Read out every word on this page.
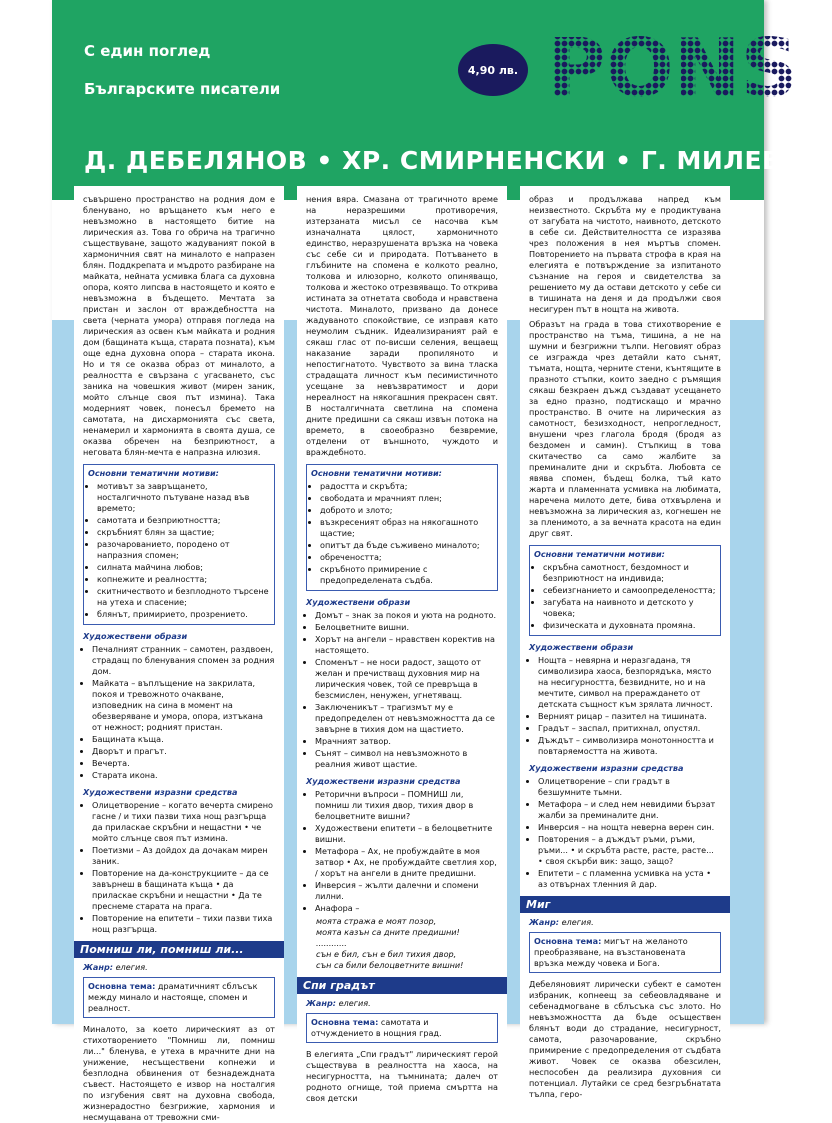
С един поглед
Българските писатели
4,90 лв. PONS
Д. ДЕБЕЛЯНОВ • ХР. СМИРНЕНСКИ • Г. МИЛЕВ

съвършено пространство на родния дом е бленувано, но връщането към него е невъзможно в настоящето битие на лирическия аз. Това го обрича на трагично съществуване, защото жадуваният покой в хармоничния свят на миналото е напразен блян. Поддкрепата и мъдрото разбиране на майката, нейната усмивка блага са духовна опора, която липсва в настоящето и която е невъзможна в бъдещето. Мечтата за пристан и заслон от враждебността на света (черната умора) отправя погледа на лирическия аз освен към майката и родния дом (бащината къща, старата позната), към още една духовна опора – старата икона. Но и тя се оказва образ от миналото, а реалността е свързана с угасването, със заника на човешкия живот (мирен заник, мойто слънце своя път измина). Така модерният човек, понесъл бремето на самотата, на дисхармонията със света, ненамерил и хармонията в своята душа, се оказва обречен на безприютност, а неговата блян-мечта е напразна илюзия.

Основни тематични мотиви:
• мотивът за завръщането, носталгичното пътуване назад във времето;
• самотата и безприютността;
• скръбният блян за щастие;
• разочарованието, породено от напразния спомен;
• силната майчина любов;
• копнежите и реалността;
• скитничеството и безплодното търсене на утеха и спасение;
• блянът, примирието, прозрението.
Художествени образи
• Печалният странник – самотен, раздвоен, страдащ по бленувания спомен за родния дом.
• Майката – въплъщение на закрилата, покоя и тревожното очакване, изповедник на сина в момент на обезверяване и умора, опора, изтъкана от нежност; родният пристан.
• Бащината къща.
• Дворът и прагът.
• Вечерта.
• Старата икона.
Художествени изразни средства
• Олицетворение – когато вечерта смирено гасне / и тихи пазви тиха нощ разгърща да приласкае скръбни и нещастни • че мойто слънце своя път измина.
• Поетизми – Аз дойдох да дочакам мирен заник.
• Повторение на да-конструкциите – да се завърнеш в бащината къща • да приласкае скръбни и нещастни • Да те преснеме старата на прага.
• Повторение на епитети – тихи пазви тиха нощ разгърща.
Помниш ли, помниш ли...
Жанр: елегия.
Основна тема: драматичният сблъсък между минало и настояще, спомен и реалност.

Миналото, за което лирическият аз от стихотворението "Помниш ли, помниш ли..." бленува, е утеха в мрачните дни на унижение, несъществени копнежи и безплодна обвинения от безнадеждната съвест. Настоящето е извор на носталгия по изгубения свят на духовна свобода, жизнерадостно безгрижие, хармония и несмущавана от тревожни сми-

нения вяра. Смазана от трагичното време на неразрешими противоречия, изтерзаната мисъл се насочва към изначалната цялост, хармоничното единство, неразрушената връзка на човека със себе си и природата. Потъването в глъбините на спомена е колкото реално, толкова и илюзорно, колкото опиняващо, толкова и жестоко отрезвяващо. То открива истината за отнетата свобода и нравствена чистота. Миналото, призвано да донесе жадуваното спокойствие, се изправя като неумолим съдник. Идеализираният рай е сякаш глас от по-висши селения, вещаещ наказание заради пропиляното и непостигнатото. Чувството за вина тласка страдащата личност към песимистичното усещане за невъзвратимост и дори нереалност на някогашния прекрасен свят. В носталгичната светлина на спомена дните предишни са сякаш извън потока на времето, в своеобразно безвремие, отделени от външното, чуждото и враждебното.

Основни тематични мотиви:
• радостта и скръбта;
• свободата и мрачният плен;
• доброто и злото;
• възкресеният образ на някогашното щастие;
• опитът да бъде съживено миналото;
• обречеността;
• скръбното примирение с предопределената съдба.
Художествени образи
• Домът – знак за покоя и уюта на родното.
• Белоцветните вишни.
• Хорът на ангели – нравствен коректив на настоящето.
• Споменът – не носи радост, защото от желан и пречистващ духовния мир на лирическия човек, той се превръща в безсмислен, ненужен, угнетяващ.
• Заключеникът – трагизмът му е предопределен от невъзможността да се завърне в тихия дом на щастието.
• Мрачният затвор.
• Сънят – символ на невъзможното в реалния живот щастие.
Художествени изразни средства
• Реторични въпроси – ПОМНИШ ли, помниш ли тихия двор, тихия двор в белоцветните вишни?
• Художествени епитети – в белоцветните вишни.
• Метафора – Ах, не пробуждайте в моя затвор • Ах, не пробуждайте светлия хор, / хорът на ангели в дните предишни.
• Инверсия – жълти далечни и спомени лилни.
• Анафора –
моята стража е моят позор,
моята казън са дните предишни!
............
сън е бил, сън е бил тихия двор,
сън са били белоцветните вишни!
Спи градът
Жанр: елегия.
Основна тема: самотата и отчуждението в нощния град.

В елегията „Спи градът" лирическият герой съществува в реалността на хаоса, на несигурността, на тъмнината; далеч от родното огнище, той приема смъртта на своя детски

образ и продължава напред към неизвестното. Скръбта му е продиктувана от загубата на чистото, наивното, детското в себе си. Действителността се изразява чрез положения в нея мъртъв спомен. Повторението на първата строфа в края на елегията е потвърждение за изпитаното съзнание на героя и свидетелства за решението му да остави детското у себе си в тишината на деня и да продължи своя несигурен път в нощта на живота.

Образът на града в това стихотворение е пространство на тъма, тишина, а не на шумни и безгрижни тълпи. Неговият образ се изгражда чрез детайли като сънят, тъмата, нощта, черните стени, кънтящите в празното стъпки, които заедно с ръмящия сякаш безкраен дъжд създават усещането за едно празно, подтискащо и мрачно пространство. В очите на лирическия аз самотност, безизходност, непрогледност, внушени чрез глагола бродя (бродя аз бездомен и самин). Стъпкищ в това скитачество са само жалбите за преминалите дни и скръбта. Любовта се явява спомен, бъдещ болка, тъй като жарта и пламенната усмивка на любимата, наречена милото дете, бива отхвърлена и невъзможна за лирическия аз, когнешен не за пленимото, а за вечната красота на един друг свят.

Основни тематични мотиви:
• скръбна самотност, бездомност и безприютност на индивида;
• себеизгнанието и самоопределеността;
• загубата на наивното и детското у човека;
• физическата и духовната промяна.
Художествени образи
• Нощта – невярна и неразгадана, тя символизира хаоса, безпорядъка, място на несигурността, безвидните, но и на мечтите, символ на преражданeто от детската същност към зрялата личност.
• Верният рицар – пазител на тишината.
• Градът – заспал, притихнал, опустял.
• Дъждът – символизира монотонността и повтаряемостта на живота.
Художествени изразни средства
• Олицетворение – спи градът в безшумните тьмни.
• Метафора – и след нем невидими бързат жалби за преминалите дни.
• Инверсия – на нощта неверна верен син.
• Повторения – а дъждът ръми, ръми, ръми... • и скръбта расте, расте, расте... • своя скърби вик: защо, защо?
• Епитети – с пламенна усмивка на уста • аз отвърнах тленния й дар.
Миг
Жанр: елегия.
Основна тема: мигът на желаното преобразяване, на възстановената връзка между човека и Бога.

Дебеляновият лирически субект е самотен избраник, копнеещ за себеовладяване и себенадмогване в сблъсъка със злото. Но невъзможността да бъде осъществен блянът води до страдание, несигурност, самота, разочарование, скръбно примирение с предопределения от съдбата живот. Човек се оказва обезсилен, неспособен да реализира духовния си потенциал. Лутайки се сред безгръбнатата тълпа, геро-
